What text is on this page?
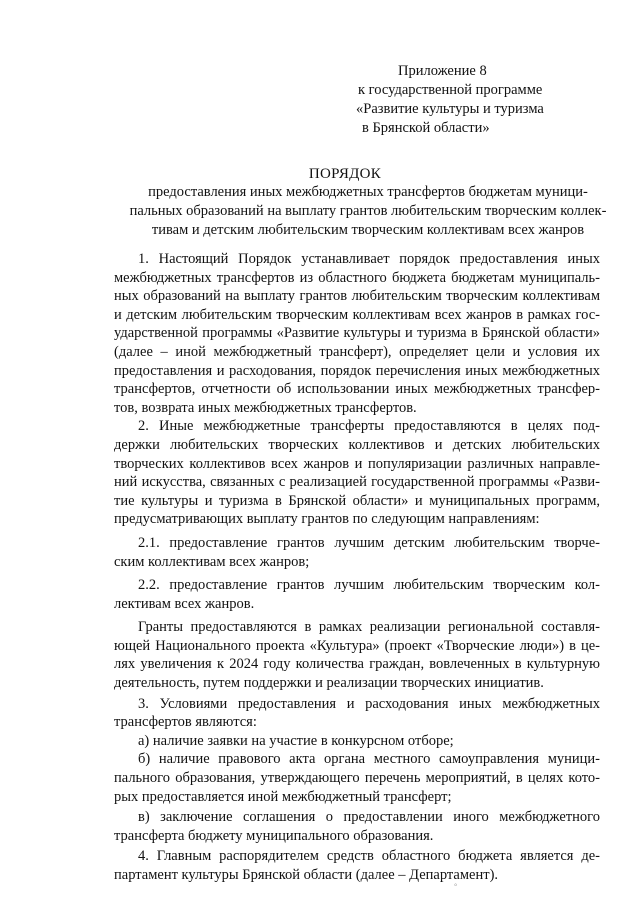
Приложение 8
к государственной программе
«Развитие культуры и туризма
в Брянской области»
ПОРЯДОК
предоставления иных межбюджетных трансфертов бюджетам муници-
пальных образований на выплату грантов любительским творческим коллек-
тивам и детским любительским творческим коллективам всех жанров
1. Настоящий Порядок устанавливает порядок предоставления иных
межбюджетных трансфертов из областного бюджета бюджетам муниципаль-
ных образований на выплату грантов любительским творческим коллективам
и детским любительским творческим коллективам всех жанров в рамках гос-
ударственной программы «Развитие культуры и туризма в Брянской области»
(далее – иной межбюджетный трансферт), определяет цели и условия их
предоставления и расходования, порядок перечисления иных межбюджетных
трансфертов, отчетности об использовании иных межбюджетных трансфер-
тов, возврата иных межбюджетных трансфертов.
2. Иные межбюджетные трансферты предоставляются в целях под-
держки любительских творческих коллективов и детских любительских
творческих коллективов всех жанров и популяризации различных направле-
ний искусства, связанных с реализацией государственной программы «Разви-
тие культуры и туризма в Брянской области» и муниципальных программ,
предусматривающих выплату грантов по следующим направлениям:
2.1. предоставление грантов лучшим детским любительским творче-
ским коллективам всех жанров;
2.2. предоставление грантов лучшим любительским творческим кол-
лективам всех жанров.
Гранты предоставляются в рамках реализации региональной составля-
ющей Национального проекта «Культура» (проект «Творческие люди») в це-
лях увеличения к 2024 году количества граждан, вовлеченных в культурную
деятельность, путем поддержки и реализации творческих инициатив.
3. Условиями предоставления и расходования иных межбюджетных
трансфертов являются:
а) наличие заявки на участие в конкурсном отборе;
б) наличие правового акта органа местного самоуправления муници-
пального образования, утверждающего перечень мероприятий, в целях кото-
рых предоставляется иной межбюджетный трансферт;
в) заключение соглашения о предоставлении иного межбюджетного
трансферта бюджету муниципального образования.
4. Главным распорядителем средств областного бюджета является де-
партамент культуры Брянской области (далее – Департамент).
°
